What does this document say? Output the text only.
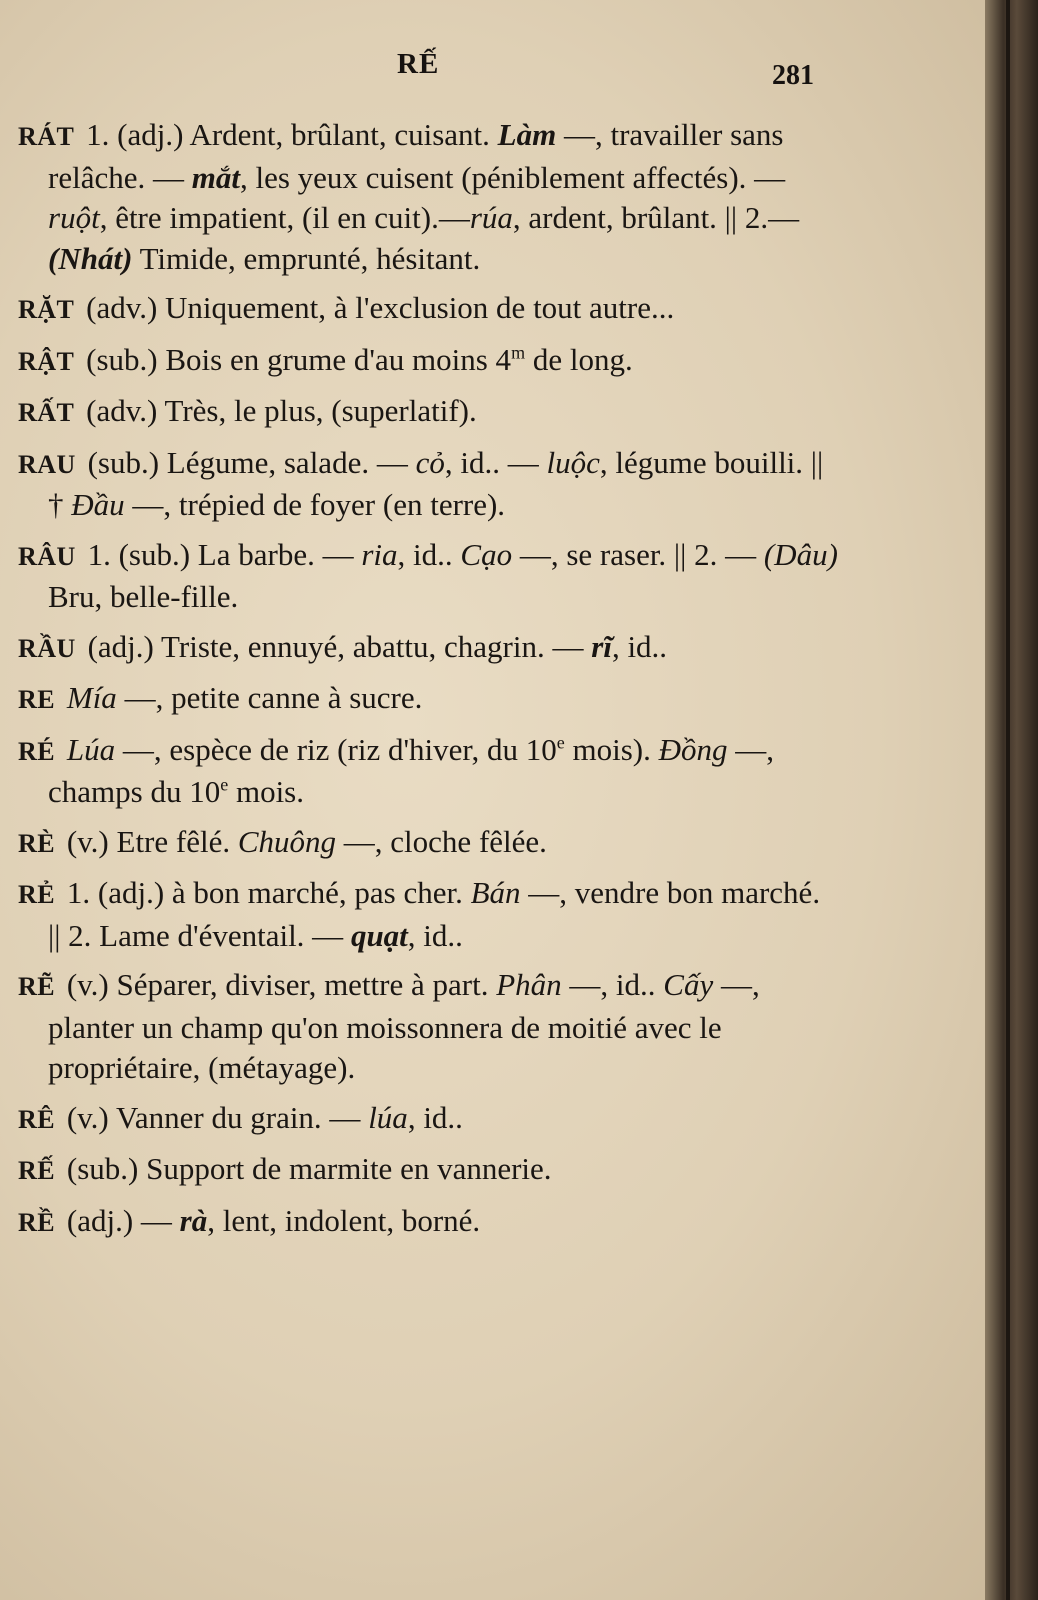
RẾ	281
RÁT 1. (adj.) Ardent, brûlant, cuisant. Làm —, travailler sans relâche. — mắt, les yeux cuisent (péniblement affectés). — ruột, être impatient, (il en cuit).—rúa, ardent, brûlant. || 2.—(Nhát) Timide, emprunté, hésitant.
RẶT (adv.) Uniquement, à l'exclusion de tout autre...
RẬT (sub.) Bois en grume d'au moins 4$^m$ de long.
RẤT (adv.) Très, le plus, (superlatif).
RAU (sub.) Légume, salade. — cỏ, id.. — luộc, légume bouilli. || † Đầu —, trépied de foyer (en terre).
RÂU 1. (sub.) La barbe. — ria, id.. Cạo —, se raser. || 2. — (Dâu) Bru, belle-fille.
RẦU (adj.) Triste, ennuyé, abattu, chagrin. — rĩ, id..
RE Mía —, petite canne à sucre.
RÉ Lúa —, espèce de riz (riz d'hiver, du 10e mois). Đồng —, champs du 10e mois.
RÈ (v.) Etre fêlé. Chuông —, cloche fêlée.
RẺ 1. (adj.) à bon marché, pas cher. Bán —, vendre bon marché. || 2. Lame d'éventail. — quạt, id..
RẼ (v.) Séparer, diviser, mettre à part. Phân —, id.. Cấy —, planter un champ qu'on moissonnera de moitié avec le propriétaire, (métayage).
RÊ (v.) Vanner du grain. — lúa, id..
RẾ (sub.) Support de marmite en vannerie.
RỀ (adj.) — rà, lent, indolent, borné.
